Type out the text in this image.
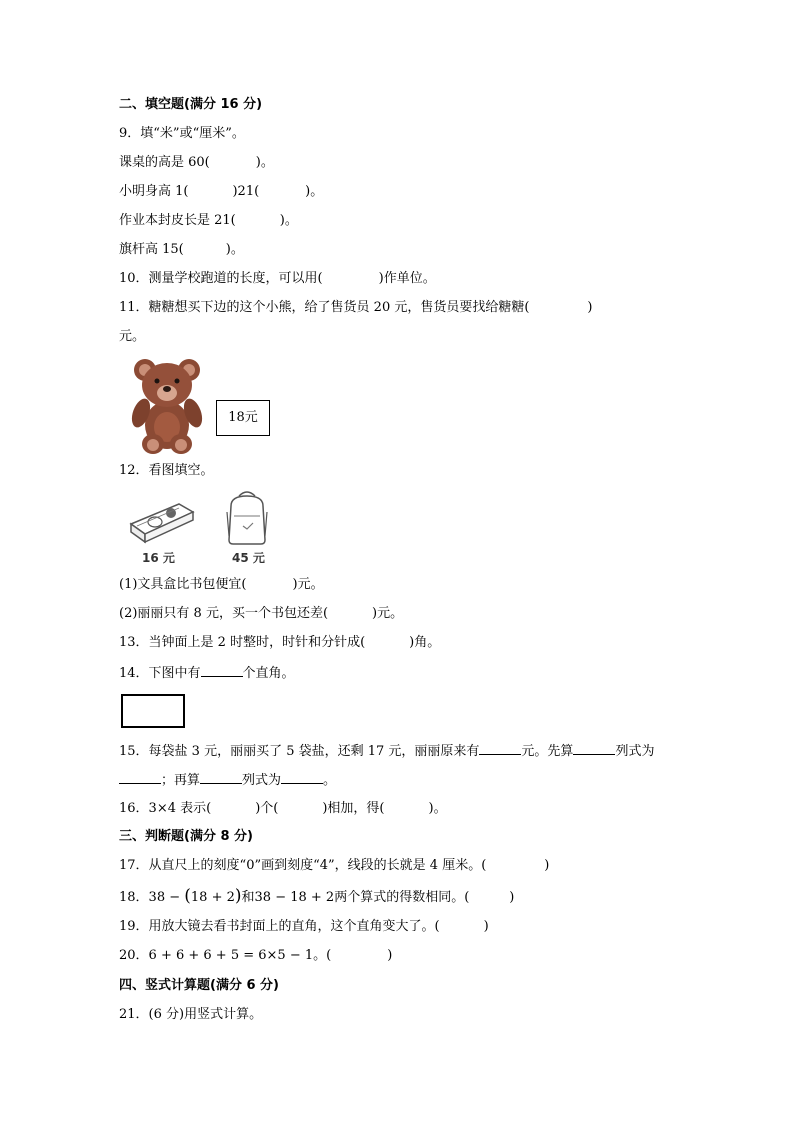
二、填空题(满分 16 分)
9．填“米”或“厘米”。
课桌的高是 60(	)。
小明身高 1(	)21(	)。
作业本封皮长是 21(	)。
旗杆高 15(	)。
10．测量学校跑道的长度，可以用(	)作单位。
11．糖糖想买下边的这个小熊，给了售货员 20 元，售货员要找给糖糖(	)
元。
18元
12．看图填空。
16 元	45 元
(1)文具盒比书包便宜(	)元。
(2)丽丽只有 8 元，买一个书包还差(	)元。
13．当钟面上是 2 时整时，时针和分针成(	)角。
14．下图中有	个直角。
15．每袋盐 3 元，丽丽买了 5 袋盐，还剩 17 元，丽丽原来有	元。先算	列式为
；再算	列式为	。
16．3×4 表示(	)个(	)相加，得(	)。
三、判断题(满分 8 分)
17．从直尺上的刻度“0”画到刻度“4”，线段的长就是 4 厘米。(	)
18．38 − (18 + 2)和38 − 18 + 2两个算式的得数相同。(	)
19．用放大镜去看书封面上的直角，这个直角变大了。(	)
20．6 + 6 + 6 + 5 = 6×5 − 1。(	)
四、竖式计算题(满分 6 分)
21．(6 分)用竖式计算。
